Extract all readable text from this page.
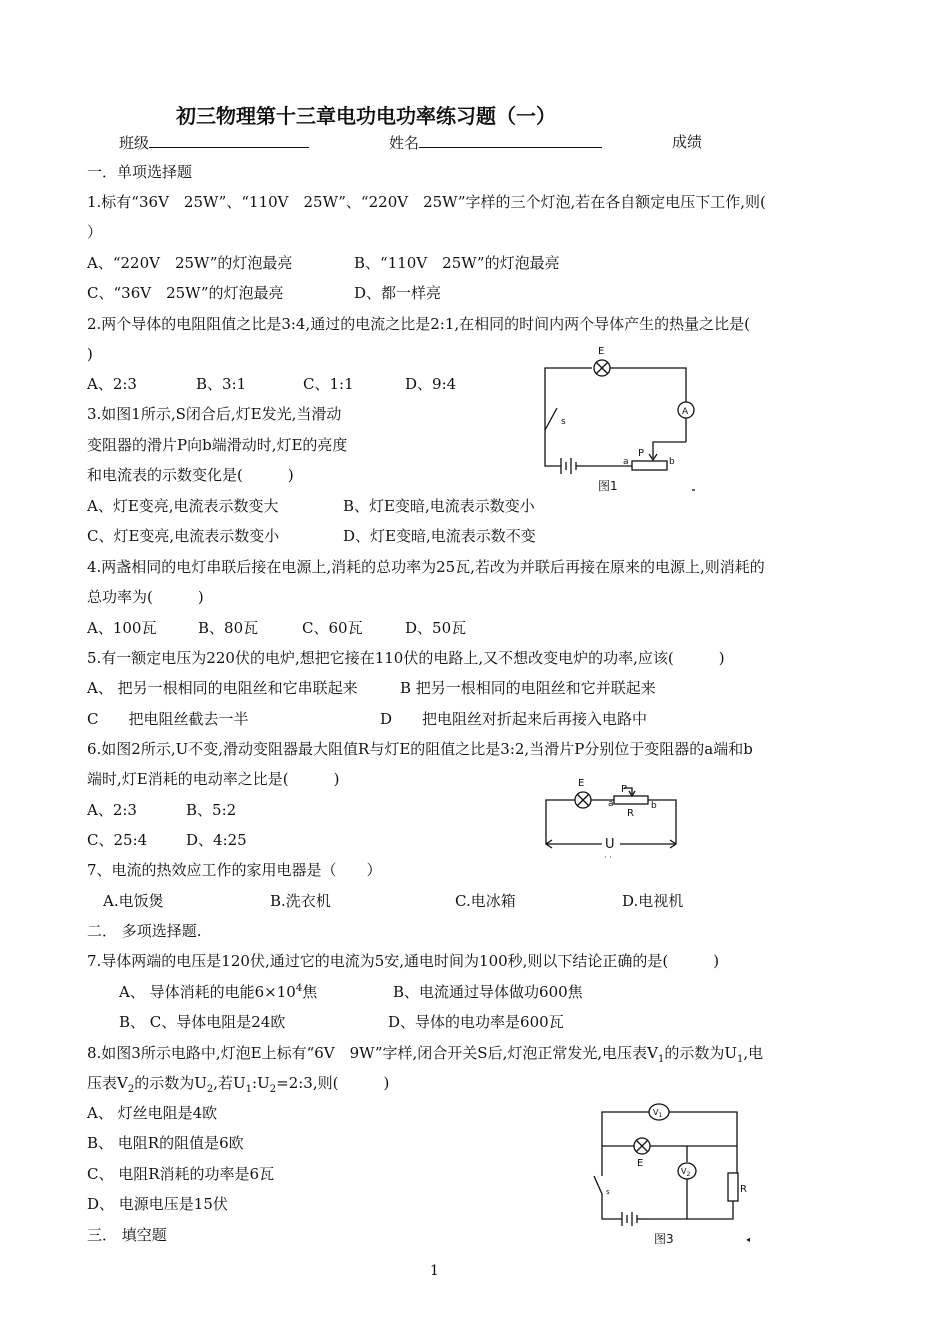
初三物理第十三章电功电功率练习题（一）
班级	姓名	成绩
一．单项选择题
1.标有“36V　25W”、“110V　25W”、“220V　25W”字样的三个灯泡,若在各自额定电压下工作,则(
）
A、“220V　25W”的灯泡最亮	B、“110V　25W”的灯泡最亮
C、“36V　25W”的灯泡最亮	D、都一样亮
2.两个导体的电阻阻值之比是3:4,通过的电流之比是2:1,在相同的时间内两个导体产生的热量之比是(
)
A、2:3	B、3:1	C、1:1	D、9:4
3.如图1所示,S闭合后,灯E发光,当滑动
变阻器的滑片P向b端滑动时,灯E的亮度
和电流表的示数变化是(　　　)
A、灯E变亮,电流表示数变大	B、灯E变暗,电流表示数变小
C、灯E变亮,电流表示数变小	D、灯E变暗,电流表示数不变
E
A
s
P
a	b
图1
4.两盏相同的电灯串联后接在电源上,消耗的总功率为25瓦,若改为并联后再接在原来的电源上,则消耗的
总功率为(　　　)
A、100瓦	B、80瓦	C、60瓦	D、50瓦
5.有一额定电压为220伏的电炉,想把它接在110伏的电路上,又不想改变电炉的功率,应该(　　　)
A、 把另一根相同的电阻丝和它串联起来	B 把另一根相同的电阻丝和它并联起来
C　　把电阻丝截去一半	D　　把电阻丝对折起来后再接入电路中
6.如图2所示,U不变,滑动变阻器最大阻值R与灯E的阻值之比是3:2,当滑片P分别位于变阻器的a端和b
端时,灯E消耗的电动率之比是(　　　)
A、2:3	B、5:2
C、25:4	D、4:25
E
P
a	b
R
U
· ·
7、电流的热效应工作的家用电器是（　　）
A.电饭煲	B.洗衣机	C.电冰箱	D.电视机
二． 多项选择题.
7.导体两端的电压是120伏,通过它的电流为5安,通电时间为100秒,则以下结论正确的是(　　　)
A、 导体消耗的电能$6\times 10^4$焦	B、电流通过导体做功600焦
B、 C、导体电阻是24欧	D、导体的电功率是600瓦
8.如图3所示电路中,灯泡E上标有“6V　9W”字样,闭合开关S后,灯泡正常发光,电压表$V_1$的示数为$U_1$,电
压表$V_2$的示数为$U_2$,若$U_1:U_2=2:3$,则(　　　)
A、 灯丝电阻是4欧
B、 电阻R的阻值是6欧
C、 电阻R消耗的功率是6瓦
D、 电源电压是15伏
三． 填空题
$V_1$
E
$V_2$
R
s
图3	◂
1
